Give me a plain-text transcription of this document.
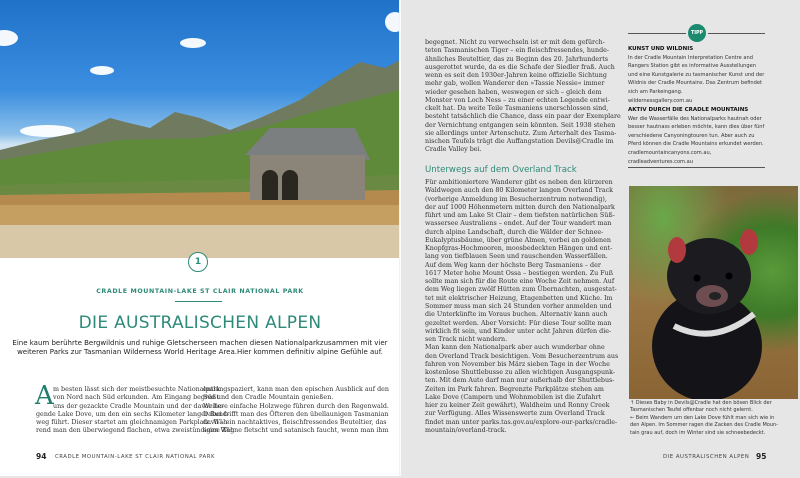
1
CRADLE MOUNTAIN-LAKE ST CLAIR NATIONAL PARK
DIE AUSTRALISCHEN ALPEN
Eine kaum berührte Bergwildnis und ruhige Gletscherseen machen diesen Nationalparkzusammen mit vier weiteren Parks zur Tasmanian Wilderness World Heritage Area.Hier kommen definitiv alpine Gefühle auf.
A m besten lässt sich der meistbesuchte Nationalpark
von Nord nach Süd erkunden. Am Eingang begrüßt
uns der gezackte Cradle Mountain und der davor lie-
gende Lake Dove, um den ein sechs Kilometer langer Rund-
weg führt. Dieser startet am gleichnamigen Parkplatz. Wäh-
rend man den überwiegend flachen, etwa zweistündigen Weg
entlangspaziert, kann man den epischen Ausblick auf den
See und den Cradle Mountain genießen.
Weitere einfache Holzwege führen durch den Regenwald.
Dabei trifft man des Öfteren den übellaunigen Tasmanian
devil – ein nachtaktives, fleischfressendes Beuteltier, das
seine Zähne fletscht und satanisch faucht, wenn man ihm
94 CRADLE MOUNTAIN-LAKE ST CLAIR NATIONAL PARK
begegnet. Nicht zu verwechseln ist er mit dem gefürch-
teten Tasmanischen Tiger – ein fleischfressendes, hunde-
ähnliches Beuteltier, das zu Beginn des 20. Jahrhunderts
ausgerottet wurde, da es die Schafe der Siedler fraß. Auch
wenn es seit den 1930er-Jahren keine offizielle Sichtung
mehr gab, wollen Wanderer den »Tassie Nessie« immer
wieder gesehen haben, weswegen er sich – gleich dem
Monster von Loch Ness – zu einer echten Legende entwi-
ckelt hat. Da weite Teile Tasmaniens unerschlossen sind,
besteht tatsächlich die Chance, dass ein paar der Exemplare
der Vernichtung entgangen sein könnten. Seit 1938 stehen
sie allerdings unter Artenschutz. Zum Arterhalt des Tasma-
nischen Teufels trägt die Auffangstation Devils@Cradle im
Cradle Valley bei.
Unterwegs auf dem Overland Track
Für ambitioniertere Wanderer gibt es neben den kürzeren
Waldwegen auch den 80 Kilometer langen Overland Track
(vorherige Anmeldung im Besucherzentrum notwendig),
der auf 1000 Höhenmetern mitten durch den Nationalpark
führt und am Lake St Clair – dem tiefsten natürlichen Süß-
wassersee Australiens – endet. Auf der Tour wandert man
durch alpine Landschaft, durch die Wälder der Schnee-
Eukalyptusbäume, über grüne Almen, vorbei an goldenen
Knopfgras-Hochmooren, moosbedeckten Hängen und ent-
lang von tiefblauen Seen und rauschenden Wasserfällen.
Auf dem Weg kann der höchste Berg Tasmaniens – der
1617 Meter hohe Mount Ossa – bestiegen werden. Zu Fuß
sollte man sich für die Route eine Woche Zeit nehmen. Auf
dem Weg liegen zwölf Hütten zum Übernachten, ausgestat-
tet mit elektrischer Heizung, Etagenbetten und Küche. Im
Sommer muss man sich 24 Stunden vorher anmelden und
die Unterkünfte im Voraus buchen. Alternativ kann auch
gezeltet werden. Aber Vorsicht: Für diese Tour sollte man
wirklich fit sein, und Kinder unter acht Jahren dürfen die-
sen Track nicht wandern.
Man kann den Nationalpark aber auch wunderbar ohne
den Overland Track besichtigen. Vom Besucherzentrum aus
fahren von November bis März sieben Tage in der Woche
kostenlose Shuttlebusse zu allen wichtigen Ausgangspunk-
ten. Mit dem Auto darf man nur außerhalb der Shuttlebus-
Zeiten im Park fahren. Begrenzte Parkplätze stehen am
Lake Dove (Campern und Wohnmobilen ist die Zufahrt
hier zu keiner Zeit gewährt), Waldheim und Ronny Creek
zur Verfügung. Alles Wissenswerte zum Overland Track
findet man unter parks.tas.gov.au/explore-our-parks/cradle-
mountain/overland-track.
TIPP
KUNST UND WILDNIS
In der Cradle Mountain Interpretation Centre and
Rangers Station gibt es informative Ausstellungen
und eine Kunstgalerie zu tasmanischer Kunst und der
Wildnis der Cradle Mountains. Das Zentrum befindet
sich am Parkeingang.
wildernessgallery.com.au
AKTIV DURCH DIE CRADLE MOUNTAINS
Wer die Wasserfälle des Nationalparks hautnah oder
besser hautnass erleben möchte, kann dies über fünf
verschiedene Canyoningtouren tun. Aber auch zu
Pferd können die Cradle Mountains erkundet werden.
cradlemountaincanyons.com.au,
cradleadventures.com.au
↑ Dieses Baby in Devils@Cradle hat den bösen Blick der
Tasmanischen Teufel offenbar noch nicht gelernt.
← Beim Wandern um den Lake Dove fühlt man sich wie in
den Alpen. Im Sommer ragen die Zacken des Cradle Moun-
tain grau auf, doch im Winter sind sie schneebedeckt.
DIE AUSTRALISCHEN ALPEN 95
